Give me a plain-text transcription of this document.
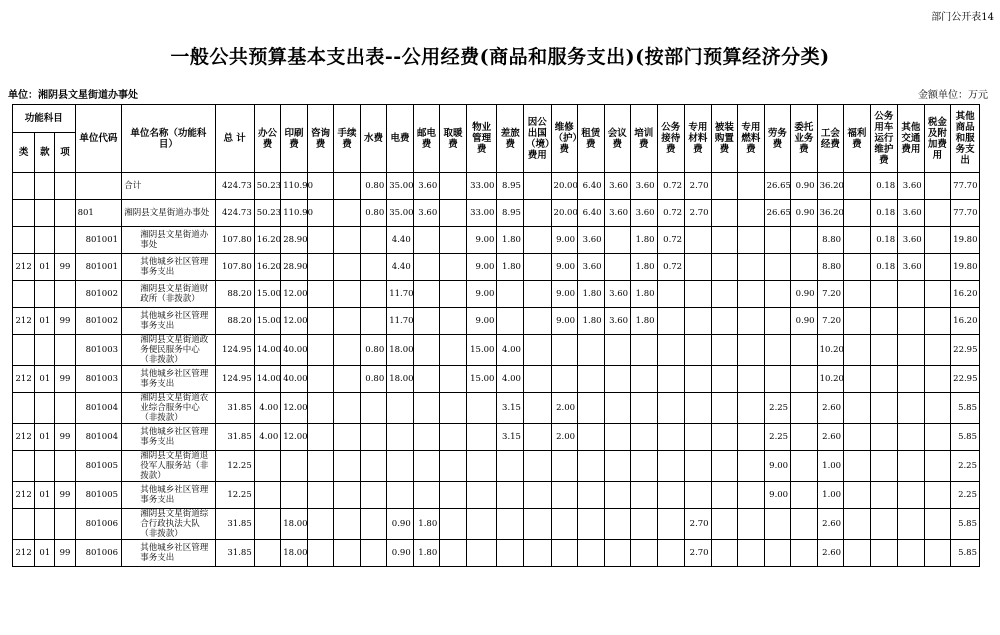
部门公开表14
一般公共预算基本支出表--公用经费(商品和服务支出)(按部门预算经济分类)
单位：湘阴县文星街道办事处	金额单位：万元
功能科目			单位代码	单位名称（功能科目）	总 计	办公费	印刷费	咨询费	手续费	水费	电费	邮电费	取暖费	物业管理费	差旅费	因公出国（境）费用	维修（护）费	租赁费	会议费	培训费	公务接待费	专用材料费	被装购置费	专用燃料费	劳务费	委托业务费	工会经费	福利费	公务用车运行维护费	其他交通费用	税金及附加费用	其他商品和服务支出
类	款	项																														
				合计	424.73	50.23	110.90			0.80	35.00	3.60		33.00	8.95		20.00	6.40	3.60	3.60	0.72	2.70			26.65	0.90	36.20		0.18	3.60		77.70
			801	湘阴县文星街道办事处	424.73	50.23	110.90			0.80	35.00	3.60		33.00	8.95		20.00	6.40	3.60	3.60	0.72	2.70			26.65	0.90	36.20		0.18	3.60		77.70
			801001	湘阴县文星街道办事处	107.80	16.20	28.90				4.40			9.00	1.80		9.00	3.60		1.80	0.72						8.80		0.18	3.60		19.80
212	01	99	801001	其他城乡社区管理事务支出	107.80	16.20	28.90				4.40			9.00	1.80		9.00	3.60		1.80	0.72						8.80		0.18	3.60		19.80
			801002	湘阴县文星街道财政所（非拨款）	88.20	15.00	12.00				11.70			9.00			9.00	1.80	3.60	1.80						0.90	7.20					16.20
212	01	99	801002	其他城乡社区管理事务支出	88.20	15.00	12.00				11.70			9.00			9.00	1.80	3.60	1.80						0.90	7.20					16.20
			801003	湘阴县文星街道政务便民服务中心（非拨款）	124.95	14.00	40.00			0.80	18.00			15.00	4.00												10.20					22.95
212	01	99	801003	其他城乡社区管理事务支出	124.95	14.00	40.00			0.80	18.00			15.00	4.00												10.20					22.95
			801004	湘阴县文星街道农业综合服务中心（非拨款）	31.85	4.00	12.00								3.15		2.00								2.25		2.60					5.85
212	01	99	801004	其他城乡社区管理事务支出	31.85	4.00	12.00								3.15		2.00								2.25		2.60					5.85
			801005	湘阴县文星街道退役军人服务站（非拨款）	12.25																				9.00		1.00					2.25
212	01	99	801005	其他城乡社区管理事务支出	12.25																				9.00		1.00					2.25
			801006	湘阴县文星街道综合行政执法大队（非拨款）	31.85		18.00				0.90	1.80										2.70					2.60					5.85
212	01	99	801006	其他城乡社区管理事务支出	31.85		18.00				0.90	1.80										2.70					2.60					5.85
